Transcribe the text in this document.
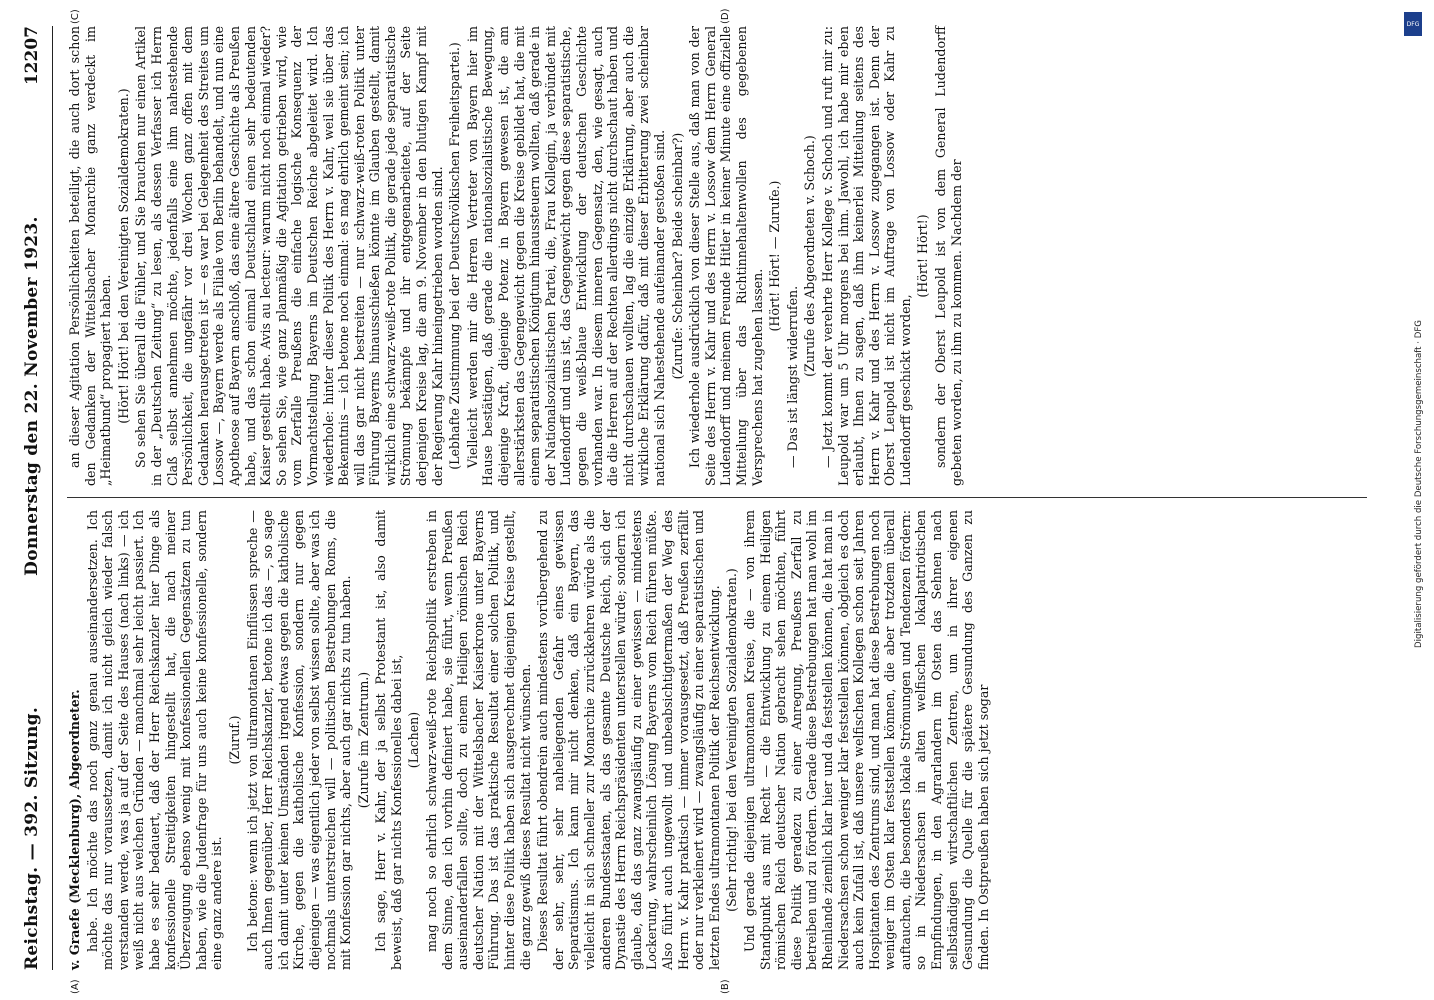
Reichstag. — 392. Sitzung.
Donnerstag den 22. November 1923.
12207
v. Graefe (Mecklenburg), Abgeordneter. habe. Ich möchte das noch ganz genau auseinandersetzen. Ich möchte das nur voraussetzen, damit ich nicht gleich wieder falsch verstanden werde, was ja auf der Seite des Hauses (nach links) — ich weiß nicht aus welchen Gründen — manchmal sehr leicht passiert. Ich habe es sehr bedauert, daß der Herr Reichskanzler hier Dinge als konfessionelle Streitigkeiten hingestellt hat, die nach meiner Überzeugung ebenso wenig mit konfessionellen Gegensätzen zu tun haben, wie die Judenfrage für uns auch keine konfessionelle, sondern eine ganz andere ist.
(Zuruf.) Ich betone: wenn ich jetzt von ultramontanen Einflüssen spreche — auch Ihnen gegenüber, Herr Reichskanzler, betone ich das —, so sage ich damit unter keinen Umständen irgend etwas gegen die katholische Kirche, gegen die katholische Konfession, sondern nur gegen diejenigen — was eigentlich jeder von selbst wissen sollte, aber was ich nochmals unterstreichen will — politischen Bestrebungen Roms, die mit Konfession gar nichts, aber auch gar nichts zu tun haben. (Zurufe im Zentrum.) Ich sage, Herr v. Kahr, der ja selbst Protestant ist, also damit beweist, daß gar nichts Konfessionelles dabei ist, (Lachen) mag noch so ehrlich schwarz-weiß-rote Reichspolitik erstreben in dem Sinne, den ich vorhin definiert habe, sie führt, wenn Preußen auseinanderfallen sollte, doch zu einem Heiligen römischen Reich deutscher Nation mit der Wittelsbacher Kaiserkrone unter Bayerns Führung. Das ist das praktische Resultat einer solchen Politik, und hinter diese Politik haben sich ausgerechnet diejenigen Kreise gestellt, die ganz gewiß dieses Resultat nicht wünschen. Dieses Resultat führt obendrein auch mindestens vorübergehend zu der sehr, sehr, sehr naheliegenden Gefahr eines gewissen Separatismus. Ich kann mir nicht denken, daß ein Bayern, das vielleicht in sich schneller zur Monarchie zurückkehren würde als die anderen Bundesstaaten, als das gesamte Deutsche Reich, sich der Dynastie des Herrn Reichspräsidenten unterstellen würde; sondern ich glaube, daß das ganz zwangsläufig zu einer gewissen — mindestens Lockerung, wahrscheinlich Lösung Bayerns vom Reich führen müßte. Also führt auch ungewollt und unbeabsichtigtermaßen der Weg des Herrn v. Kahr praktisch — immer vorausgesetzt, daß Preußen zerfällt oder nur verkleinert wird — zwangsläufig zu einer separatistischen und letzten Endes ultramontanen Politik der Reichsentwicklung. (Sehr richtig! bei den Vereinigten Sozialdemokraten.) Und gerade diejenigen ultramontanen Kreise, die — von ihrem Standpunkt aus mit Recht — die Entwicklung zu einem Heiligen römischen Reich deutscher Nation gebracht sehen möchten, führt diese Politik geradezu zu einer Anregung, Preußens Zerfall zu betreiben und zu fördern. Gerade diese Bestrebungen hat man wohl im Rheinlande ziemlich klar hier und da feststellen können, die hat man in Niedersachsen schon weniger klar feststellen können, obgleich es doch auch kein Zufall ist, daß unsere welfischen Kollegen schon seit Jahren Hospitanten des Zentrums sind, und man hat diese Bestrebungen noch weniger im Osten klar feststellen können, die aber trotzdem überall auftauchen, die besonders lokale Strömungen und Tendenzen fördern: so in Niedersachsen in alten welfischen lokalpatriotischen Empfindungen, in den Agrarlandern im Osten das Sehnen nach selbständigen wirtschaftlichen Zentren, um in ihrer eigenen Gesundung die Quelle für die spätere Gesundung des Ganzen zu finden. In Ostpreußen haben sich jetzt sogar
an dieser Agitation Persönlichkeiten beteiligt, die auch dort schon den Gedanken der Wittelsbacher Monarchie ganz verdeckt im „Heimatbund“ propagiert haben. (Hört! Hört! bei den Vereinigten Sozialdemokraten.) So sehen Sie überall die Fühler, und Sie brauchen nur einen Artikel in der „Deutschen Zeitung“ zu lesen, als dessen Verfasser ich Herrn Claß selbst annehmen möchte, jedenfalls eine ihm nahestehende Persönlichkeit, die ungefähr vor drei Wochen ganz offen mit dem Gedanken herausgetreten ist — es war bei Gelegenheit des Streites um Lossow —, Bayern werde als Filiale von Berlin behandelt, und nun eine Apotheose auf Bayern anschloß, das eine ältere Geschichte als Preußen habe, und das schon einmal Deutschland einen sehr bedeutenden Kaiser gestellt habe. Avis au lecteur: warum nicht noch einmal wieder? So sehen Sie, wie ganz planmäßig die Agitation getrieben wird, wie vom Zerfalle Preußens die einfache logische Konsequenz der Vormachtstellung Bayerns im Deutschen Reiche abgeleitet wird. Ich wiederhole: hinter dieser Politik des Herrn v. Kahr, weil sie über das Bekenntnis — ich betone noch einmal: es mag ehrlich gemeint sein; ich will das gar nicht bestreiten — nur schwarz-weiß-roten Politik unter Führung Bayerns hinausschießen könnte im Glauben gestellt, damit wirklich eine schwarz-weiß-rote Politik, die gerade jede separatistische Strömung bekämpfe und ihr entgegenarbeitete, auf der Seite derjenigen Kreise lag, die am 9. November in den blutigen Kampf mit der Regierung Kahr hineingetrieben worden sind. (Lebhafte Zustimmung bei der Deutschvölkischen Freiheitspartei.) Vielleicht werden mir die Herren Vertreter von Bayern hier im Hause bestätigen, daß gerade die nationalsozialistische Bewegung, diejenige Kraft, diejenige Potenz in Bayern gewesen ist, die am allerstärksten das Gegengewicht gegen die Kreise gebildet hat, die mit einem separatistischen Königtum hinaussteuern wollten, daß gerade in der Nationalsozialistischen Partei, die, Frau Kollegin, ja verbündet mit Ludendorff und uns ist, das Gegengewicht gegen diese separatistische, gegen die weiß-blaue Entwicklung der deutschen Geschichte vorhanden war. In diesem inneren Gegensatz, den, wie gesagt, auch die die Herren auf der Rechten allerdings nicht durchschaut haben und nicht durchschauen wollten, lag die einzige Erklärung, aber auch die wirkliche Erklärung dafür, daß mit dieser Erbitterung zwei scheinbar national sich Nahestehende aufeinander gestoßen sind. (Zurufe: Scheinbar? Beide scheinbar?) Ich wiederhole ausdrücklich von dieser Stelle aus, daß man von der Seite des Herrn v. Kahr und des Herrn v. Lossow dem Herrn General Ludendorff und meinem Freunde Hitler in keiner Minute eine offizielle Mitteilung über das Richtinnehaltenwollen des gegebenen Versprechens hat zugehen lassen.
(Hört! Hört! — Zurufe.)
— Das ist längst widerrufen.
(Zurufe des Abgeordneten v. Schoch.) — Jetzt kommt der verehrte Herr Kollege v. Schoch und ruft mir zu: Leupold war um 5 Uhr morgens bei ihm. Jawohl, ich habe mir eben erlaubt, Ihnen zu sagen, daß ihm keinerlei Mitteilung seitens des Herrn v. Kahr und des Herrn v. Lossow zugegangen ist. Denn der Oberst Leupold ist nicht im Auftrage von Lossow oder Kahr zu Ludendorff geschickt worden,
(Hört! Hört!) sondern der Oberst Leupold ist von dem General Ludendorff gebeten worden, zu ihm zu kommen. Nachdem der
(A)	(B)
(C)	(D)	DFG
Digitalisierung gefördert durch die Deutsche Forschungsgemeinschaft · DFG
